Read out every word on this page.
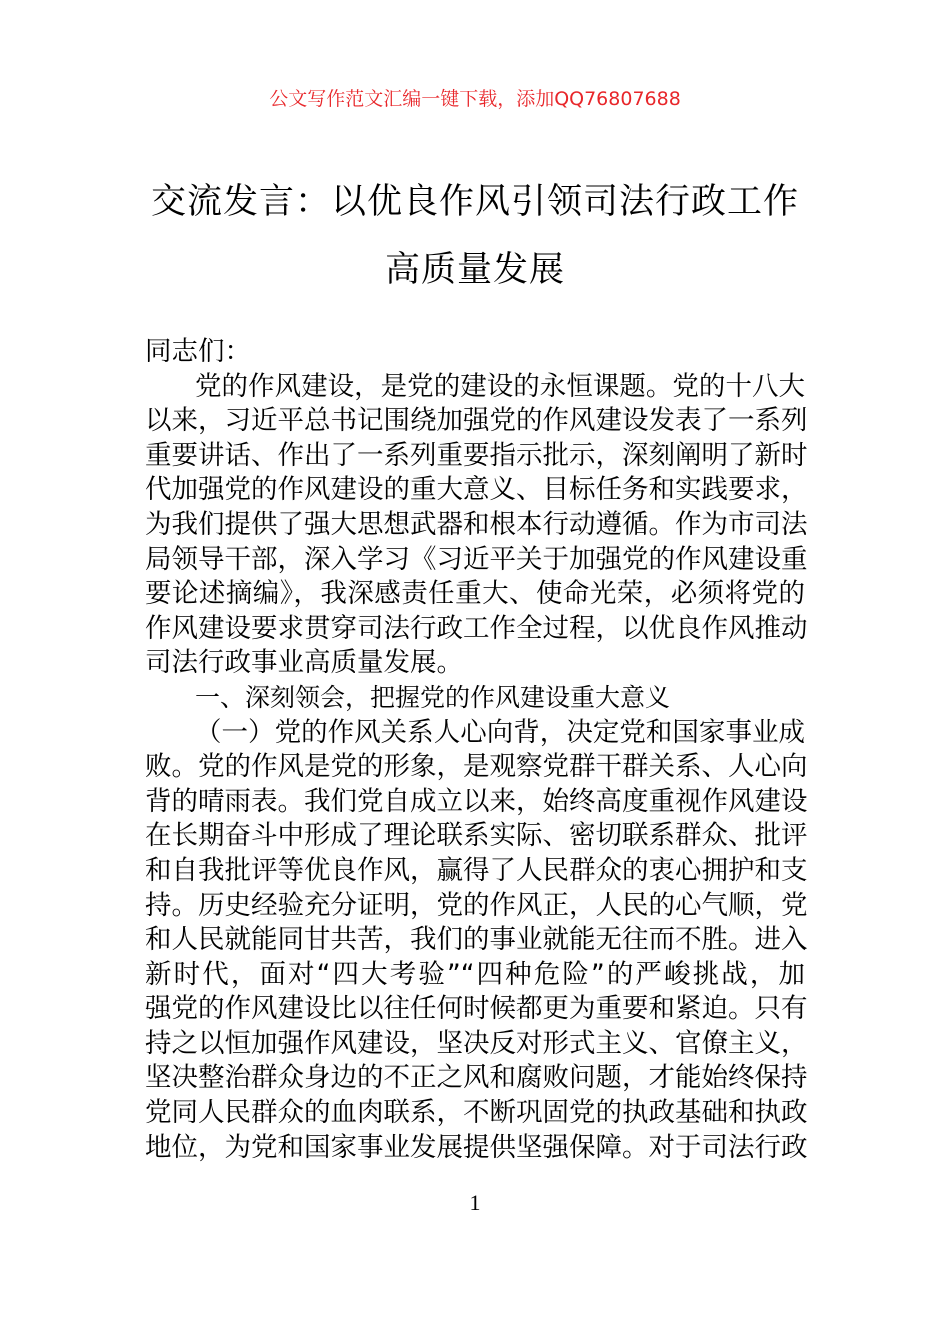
公文写作范文汇编一键下载，添加QQ76807688
交流发言：以优良作风引领司法行政工作
高质量发展
同志们：
党的作风建设，是党的建设的永恒课题。党的十八大
以来，习近平总书记围绕加强党的作风建设发表了一系列
重要讲话、作出了一系列重要指示批示，深刻阐明了新时
代加强党的作风建设的重大意义、目标任务和实践要求，
为我们提供了强大思想武器和根本行动遵循。作为市司法
局领导干部，深入学习《习近平关于加强党的作风建设重
要论述摘编》，我深感责任重大、使命光荣，必须将党的
作风建设要求贯穿司法行政工作全过程，以优良作风推动
司法行政事业高质量发展。
一、深刻领会，把握党的作风建设重大意义
（一）党的作风关系人心向背，决定党和国家事业成
败。党的作风是党的形象，是观察党群干群关系、人心向
背的晴雨表。我们党自成立以来，始终高度重视作风建设
在长期奋斗中形成了理论联系实际、密切联系群众、批评
和自我批评等优良作风，赢得了人民群众的衷心拥护和支
持。历史经验充分证明，党的作风正，人民的心气顺，党
和人民就能同甘共苦，我们的事业就能无往而不胜。进入
新时代，面对“四大考验”“四种危险”的严峻挑战，加
强党的作风建设比以往任何时候都更为重要和紧迫。只有
持之以恒加强作风建设，坚决反对形式主义、官僚主义，
坚决整治群众身边的不正之风和腐败问题，才能始终保持
党同人民群众的血肉联系，不断巩固党的执政基础和执政
地位，为党和国家事业发展提供坚强保障。对于司法行政
1
